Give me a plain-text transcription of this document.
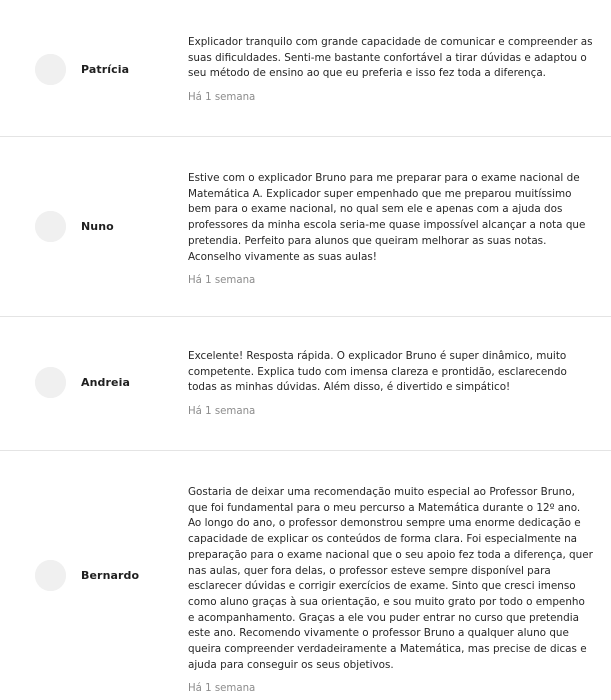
Patrícia

Explicador tranquilo com grande capacidade de comunicar e compreender as suas dificuldades. Senti-me bastante confortável a tirar dúvidas e adaptou o seu método de ensino ao que eu preferia e isso fez toda a diferença.

Há 1 semana
Nuno

Estive com o explicador Bruno para me preparar para o exame nacional de Matemática A. Explicador super empenhado que me preparou muitíssimo bem para o exame nacional, no qual sem ele e apenas com a ajuda dos professores da minha escola seria-me quase impossível alcançar a nota que pretendia. Perfeito para alunos que queiram melhorar as suas notas. Aconselho vivamente as suas aulas!

Há 1 semana
Andreia

Excelente! Resposta rápida. O explicador Bruno é super dinâmico, muito competente. Explica tudo com imensa clareza e prontidão, esclarecendo todas as minhas dúvidas. Além disso, é divertido e simpático!

Há 1 semana
Bernardo

Gostaria de deixar uma recomendação muito especial ao Professor Bruno, que foi fundamental para o meu percurso a Matemática durante o 12º ano. Ao longo do ano, o professor demonstrou sempre uma enorme dedicação e capacidade de explicar os conteúdos de forma clara. Foi especialmente na preparação para o exame nacional que o seu apoio fez toda a diferença, quer nas aulas, quer fora delas, o professor esteve sempre disponível para esclarecer dúvidas e corrigir exercícios de exame. Sinto que cresci imenso como aluno graças à sua orientação, e sou muito grato por todo o empenho e acompanhamento. Graças a ele vou puder entrar no curso que pretendia este ano. Recomendo vivamente o professor Bruno a qualquer aluno que queira compreender verdadeiramente a Matemática, mas precise de dicas e ajuda para conseguir os seus objetivos.

Há 1 semana
